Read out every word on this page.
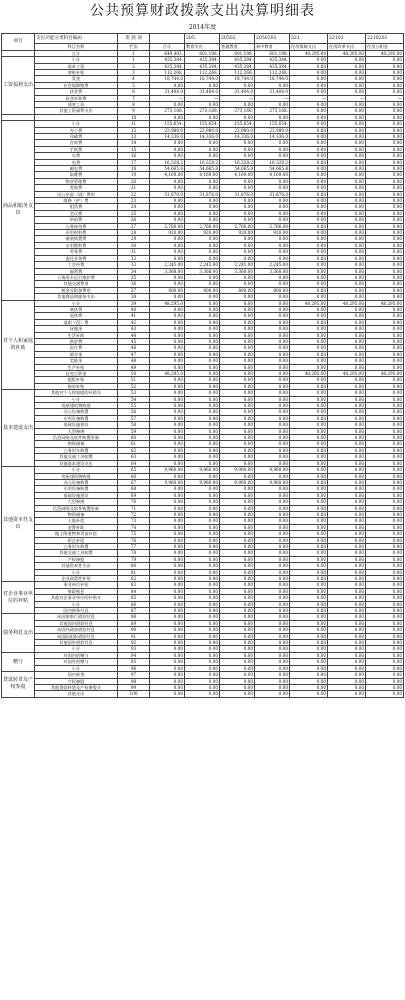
公共预算财政拨款支出决算明细表
2014年度
项目	支出功能分类科目编码	类 款 项		205	20502	2050203	221	22102	2210201
	科目名称	栏次	合计	教育支出	普通教育	初中教育	住房保障支出	住房改革支出	住房公积金
	合计	1	649,493.	601,198.	601,198.	601,198.	48,295.00	48,295.00	48,295.00
工资福利支出	小计	1	435,384.	435,384.	435,384.	435,384.	0.00	0.00	0.00
	基本工资	2	435,384.	435,384.	435,384.	435,384.	0.00	0.00	0.00
	津贴补贴	3	112,268.	112,268.	112,268.	112,268.	0.00	0.00	0.00
	奖金	4	18,744.0	18,744.0	18,744.0	18,744.0	0.00	0.00	0.00
	社会保障缴费	5	0.00	0.00	0.00	0.00	0.00	0.00	0.00
	伙食费	6	31,404.0	31,404.0	31,404.0	31,404.0	0.00	0.00	0.00
	伙食补助费	7	—	—	—	—	—	—	—
	绩效工资	8	0.00	0.00	0.00	0.00	0.00	0.00	0.00
	其他工资福利支出	9	273,168.	273,168.	273,168.	273,168.	0.00	0.00	0.00
		10	0.00	0.00	0.00	0.00	0.00	0.00	0.00
商品和服务支出	小计	11	155,654.	155,654.	155,654.	155,654.	0.00	0.00	0.00
	办公费	12	23,980.0	23,980.0	23,980.0	23,980.0	0.00	0.00	0.00
	印刷费	13	14,336.0	14,336.0	14,336.0	14,336.0	0.00	0.00	0.00
	咨询费	14	0.00	0.00	0.00	0.00	0.00	0.00	0.00
	手续费	15	0.00	0.00	0.00	0.00	0.00	0.00	0.00
	水费	16	0.00	0.00	0.00	0.00	0.00	0.00	0.00
	电费	17	16,328.2	16,328.2	16,328.2	16,328.2	0.00	0.00	0.00
	邮电费	18	54,665.8	54,665.8	54,665.8	54,665.8	0.00	0.00	0.00
	取暖费	19	4,169.00	4,169.00	4,169.00	4,169.00	0.00	0.00	0.00
	物业管理费	20	0.00	0.00	0.00	0.00	0.00	0.00	0.00
	差旅费	21	0.00	0.00	0.00	0.00	0.00	0.00	0.00
	因公出国（境）费用	22	31,876.0	31,876.0	31,876.0	31,876.0	0.00	0.00	0.00
	维修（护）费	23	0.00	0.00	0.00	0.00	0.00	0.00	0.00
	租赁费	24	0.00	0.00	0.00	0.00	0.00	0.00	0.00
	会议费	25	0.00	0.00	0.00	0.00	0.00	0.00	0.00
	培训费	26	0.00	0.00	0.00	0.00	0.00	0.00	0.00
	公务接待费	27	2,766.00	2,766.00	2,766.00	2,766.00	0.00	0.00	0.00
	专用材料费	28	920.00	920.00	920.00	920.00	0.00	0.00	0.00
	被装购置费	29	0.00	0.00	0.00	0.00	0.00	0.00	0.00
	专用燃料费	30	0.00	0.00	0.00	0.00	0.00	0.00	0.00
	劳务费	31	0.00	0.00	0.00	0.00	0.00	0.00	0.00
	委托业务费	32	0.00	0.00	0.00	0.00	0.00	0.00	0.00
	工会经费	33	2,245.00	2,245.00	2,245.00	2,245.00	0.00	0.00	0.00
	福利费	34	3,368.00	3,368.00	3,368.00	3,368.00	0.00	0.00	0.00
	公务用车运行维护费	35	0.00	0.00	0.00	0.00	0.00	0.00	0.00
	其他交通费用	36	0.00	0.00	0.00	0.00	0.00	0.00	0.00
	税金及附加费用	37	800.00	800.00	800.00	800.00	0.00	0.00	0.00
	其他商品和服务支出	38	0.00	0.00	0.00	0.00	0.00	0.00	0.00
对个人和家庭的补助	小计	39	48,295.0	0.00	0.00	0.00	48,295.00	48,295.00	48,295.00
	离休费	40	0.00	0.00	0.00	0.00	0.00	0.00	0.00
	退休费	41	0.00	0.00	0.00	0.00	0.00	0.00	0.00
	退职（役）费	42	0.00	0.00	0.00	0.00	0.00	0.00	0.00
	抚恤金	43	0.00	0.00	0.00	0.00	0.00	0.00	0.00
	生活补助	44	0.00	0.00	0.00	0.00	0.00	0.00	0.00
	救济费	45	0.00	0.00	0.00	0.00	0.00	0.00	0.00
	医疗费	46	0.00	0.00	0.00	0.00	0.00	0.00	0.00
	助学金	47	0.00	0.00	0.00	0.00	0.00	0.00	0.00
	奖励金	48	0.00	0.00	0.00	0.00	0.00	0.00	0.00
	生产补贴	49	0.00	0.00	0.00	0.00	0.00	0.00	0.00
	住房公积金	50	48,295.0	0.00	0.00	0.00	48,295.00	48,295.00	48,295.00
	提租补贴	51	0.00	0.00	0.00	0.00	0.00	0.00	0.00
	购房补贴	52	0.00	0.00	0.00	0.00	0.00	0.00	0.00
基本建设支出	其他对个人和家庭的补助支	53	0.00	0.00	0.00	0.00	0.00	0.00	0.00
	小计	54	0.00	0.00	0.00	0.00	0.00	0.00	0.00
	房屋建筑物购建	55	0.00	0.00	0.00	0.00	0.00	0.00	0.00
	办公设备购置	56	0.00	0.00	0.00	0.00	0.00	0.00	0.00
	专用设备购置	57	0.00	0.00	0.00	0.00	0.00	0.00	0.00
	基础设施建设	58	0.00	0.00	0.00	0.00	0.00	0.00	0.00
	大型修缮	59	0.00	0.00	0.00	0.00	0.00	0.00	0.00
	信息网络及软件购置更新	60	0.00	0.00	0.00	0.00	0.00	0.00	0.00
	物资储备	61	0.00	0.00	0.00	0.00	0.00	0.00	0.00
	公务用车购置	62	0.00	0.00	0.00	0.00	0.00	0.00	0.00
	其他交通工具购置	63	0.00	0.00	0.00	0.00	0.00	0.00	0.00
	其他基本建设支出	64	0.00	0.00	0.00	0.00	0.00	0.00	0.00
其他资本性支出	小计	65	9,960.00	9,960.00	9,960.00	9,960.00	0.00	0.00	0.00
	房屋建筑物购建	66	0.00	0.00	0.00	0.00	0.00	0.00	0.00
	办公设备购置	67	9,960.00	9,960.00	9,960.00	9,960.00	0.00	0.00	0.00
	专用设备购置	68	0.00	0.00	0.00	0.00	0.00	0.00	0.00
	基础设施建设	69	0.00	0.00	0.00	0.00	0.00	0.00	0.00
	大型修缮	70	0.00	0.00	0.00	0.00	0.00	0.00	0.00
	信息网络及软件购置更新	71	0.00	0.00	0.00	0.00	0.00	0.00	0.00
	物资储备	72	0.00	0.00	0.00	0.00	0.00	0.00	0.00
	土地补偿	73	0.00	0.00	0.00	0.00	0.00	0.00	0.00
	安置补助	74	0.00	0.00	0.00	0.00	0.00	0.00	0.00
	地上附着物和青苗补偿	75	0.00	0.00	0.00	0.00	0.00	0.00	0.00
	拆迁补偿	76	0.00	0.00	0.00	0.00	0.00	0.00	0.00
	公务用车购置	77	0.00	0.00	0.00	0.00	0.00	0.00	0.00
	其他交通工具购置	78	0.00	0.00	0.00	0.00	0.00	0.00	0.00
	产权参股	79	0.00	0.00	0.00	0.00	0.00	0.00	0.00
	其他资本性支出	80	0.00	0.00	0.00	0.00	0.00	0.00	0.00
	小计	81	0.00	0.00	0.00	0.00	0.00	0.00	0.00
	企业政策性补贴	82	0.00	0.00	0.00	0.00	0.00	0.00	0.00
对企业事业单位的补贴	事业单位补贴	83	0.00	0.00	0.00	0.00	0.00	0.00	0.00
	财政贴息	84	0.00	0.00	0.00	0.00	0.00	0.00	0.00
	其他对企事业单位的补贴支	85	0.00	0.00	0.00	0.00	0.00	0.00	0.00
	小计	86	0.00	0.00	0.00	0.00	0.00	0.00	0.00
	国内债务付息	87	0.00	0.00	0.00	0.00	0.00	0.00	0.00
债务利息支出	向国家银行借款付息	88	0.00	0.00	0.00	0.00	0.00	0.00	0.00
	其他国内借款付息	89	0.00	0.00	0.00	0.00	0.00	0.00	0.00
	向国外政府借款付息	90	0.00	0.00	0.00	0.00	0.00	0.00	0.00
	向国际组织借款付息	91	0.00	0.00	0.00	0.00	0.00	0.00	0.00
	其他国外借款付息	92	0.00	0.00	0.00	0.00	0.00	0.00	0.00
	小计	93	0.00	0.00	0.00	0.00	0.00	0.00	0.00
赠与	对国内的赠与	94	0.00	0.00	0.00	0.00	0.00	0.00	0.00
	对国外的赠与	95	0.00	0.00	0.00	0.00	0.00	0.00	0.00
	小计	96	0.00	0.00	0.00	0.00	0.00	0.00	0.00
贷款转贷及产权参股	国内转贷	97	0.00	0.00	0.00	0.00	0.00	0.00	0.00
	产权参股	98	0.00	0.00	0.00	0.00	0.00	0.00	0.00
	其他贷款转贷及产权参股支	99	0.00	0.00	0.00	0.00	0.00	0.00	0.00
	其他支出	100	0.00	0.00	0.00	0.00	0.00	0.00	0.00
